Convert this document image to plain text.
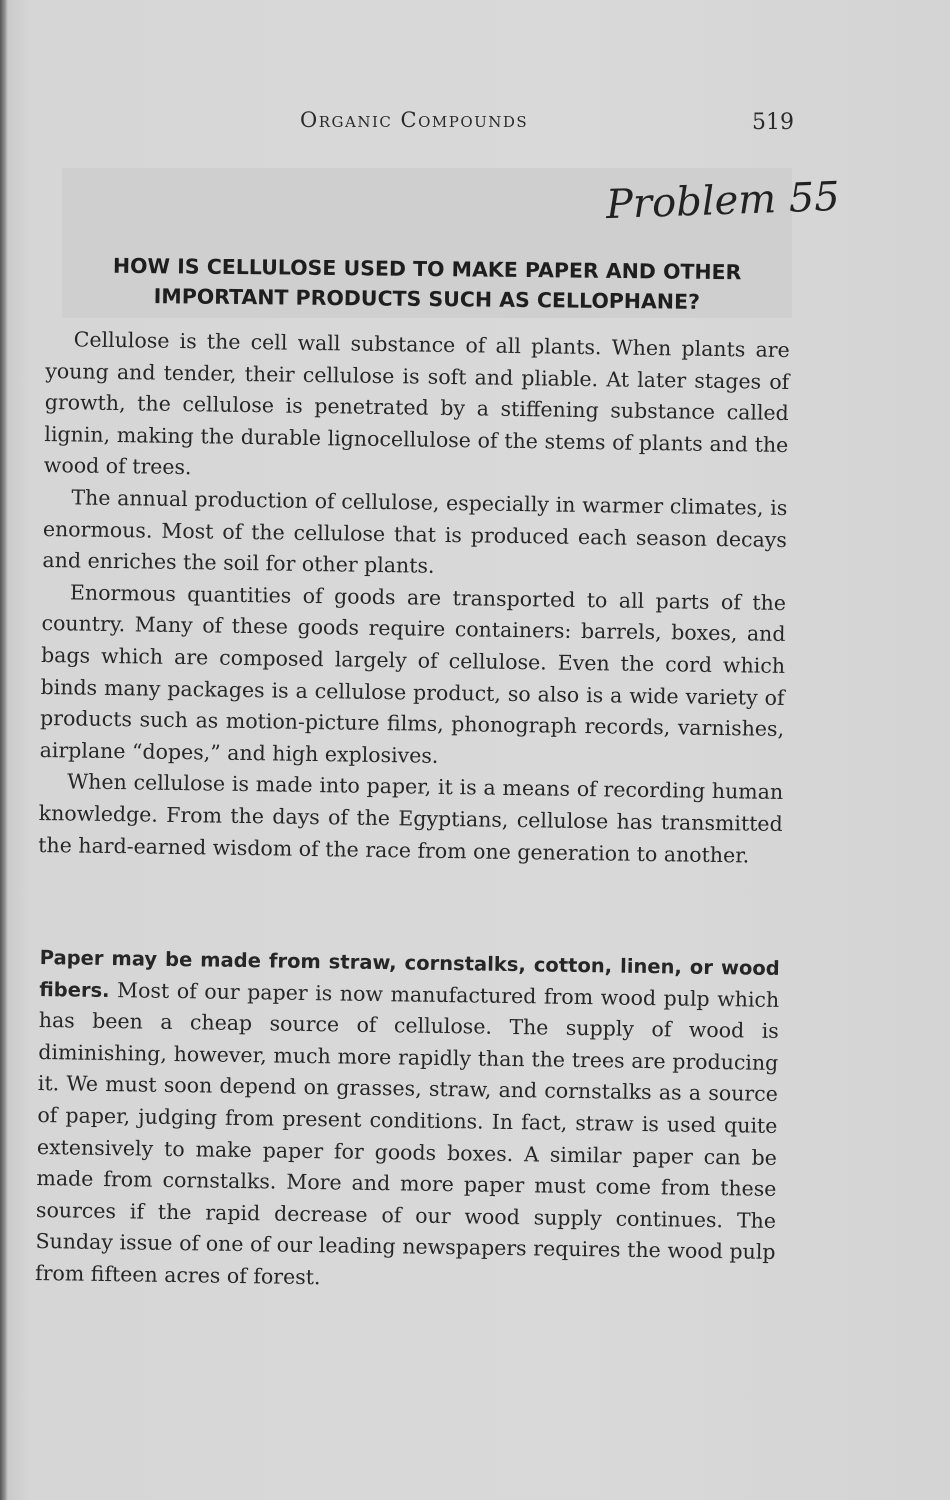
Organic Compounds	519
Problem 55
HOW IS CELLULOSE USED TO MAKE PAPER AND OTHER
IMPORTANT PRODUCTS SUCH AS CELLOPHANE?

Cellulose is the cell wall substance of all plants. When plants are young and tender, their cellulose is soft and pliable. At later stages of growth, the cellulose is penetrated by a stiffening substance called lignin, making the durable lignocellulose of the stems of plants and the wood of trees.

The annual production of cellulose, especially in warmer climates, is enormous. Most of the cellulose that is produced each season decays and enriches the soil for other plants.

Enormous quantities of goods are transported to all parts of the country. Many of these goods require containers: barrels, boxes, and bags which are composed largely of cellulose. Even the cord which binds many packages is a cellulose product, so also is a wide variety of products such as motion-picture films, phonograph records, varnishes, airplane “dopes,” and high explosives.

When cellulose is made into paper, it is a means of recording human knowledge. From the days of the Egyptians, cellulose has transmitted the hard-earned wisdom of the race from one generation to another.

Paper may be made from straw, cornstalks, cotton, linen, or wood fibers. Most of our paper is now manufactured from wood pulp which has been a cheap source of cellulose. The supply of wood is diminishing, however, much more rapidly than the trees are producing it. We must soon depend on grasses, straw, and cornstalks as a source of paper, judging from present conditions. In fact, straw is used quite extensively to make paper for goods boxes. A similar paper can be made from cornstalks. More and more paper must come from these sources if the rapid decrease of our wood supply continues. The Sunday issue of one of our leading newspapers requires the wood pulp from fifteen acres of forest.
